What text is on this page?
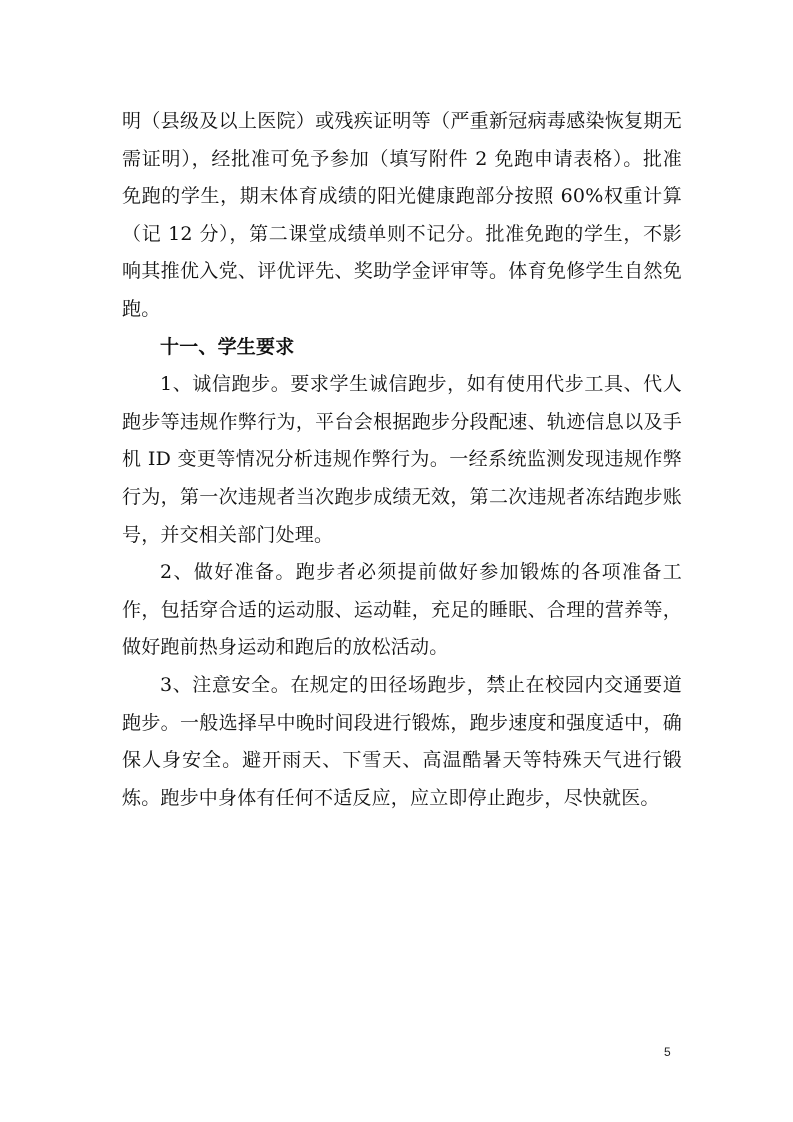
明（县级及以上医院）或残疾证明等（严重新冠病毒感染恢复期无需证明），经批准可免予参加（填写附件 2 免跑申请表格）。批准免跑的学生，期末体育成绩的阳光健康跑部分按照 60%权重计算（记 12 分），第二课堂成绩单则不记分。批准免跑的学生，不影响其推优入党、评优评先、奖助学金评审等。体育免修学生自然免跑。

十一、学生要求

1、诚信跑步。要求学生诚信跑步，如有使用代步工具、代人跑步等违规作弊行为，平台会根据跑步分段配速、轨迹信息以及手机 ID 变更等情况分析违规作弊行为。一经系统监测发现违规作弊行为，第一次违规者当次跑步成绩无效，第二次违规者冻结跑步账号，并交相关部门处理。

2、做好准备。跑步者必须提前做好参加锻炼的各项准备工作，包括穿合适的运动服、运动鞋，充足的睡眠、合理的营养等，做好跑前热身运动和跑后的放松活动。

3、注意安全。在规定的田径场跑步，禁止在校园内交通要道跑步。一般选择早中晚时间段进行锻炼，跑步速度和强度适中，确保人身安全。避开雨天、下雪天、高温酷暑天等特殊天气进行锻炼。跑步中身体有任何不适反应，应立即停止跑步，尽快就医。

5
